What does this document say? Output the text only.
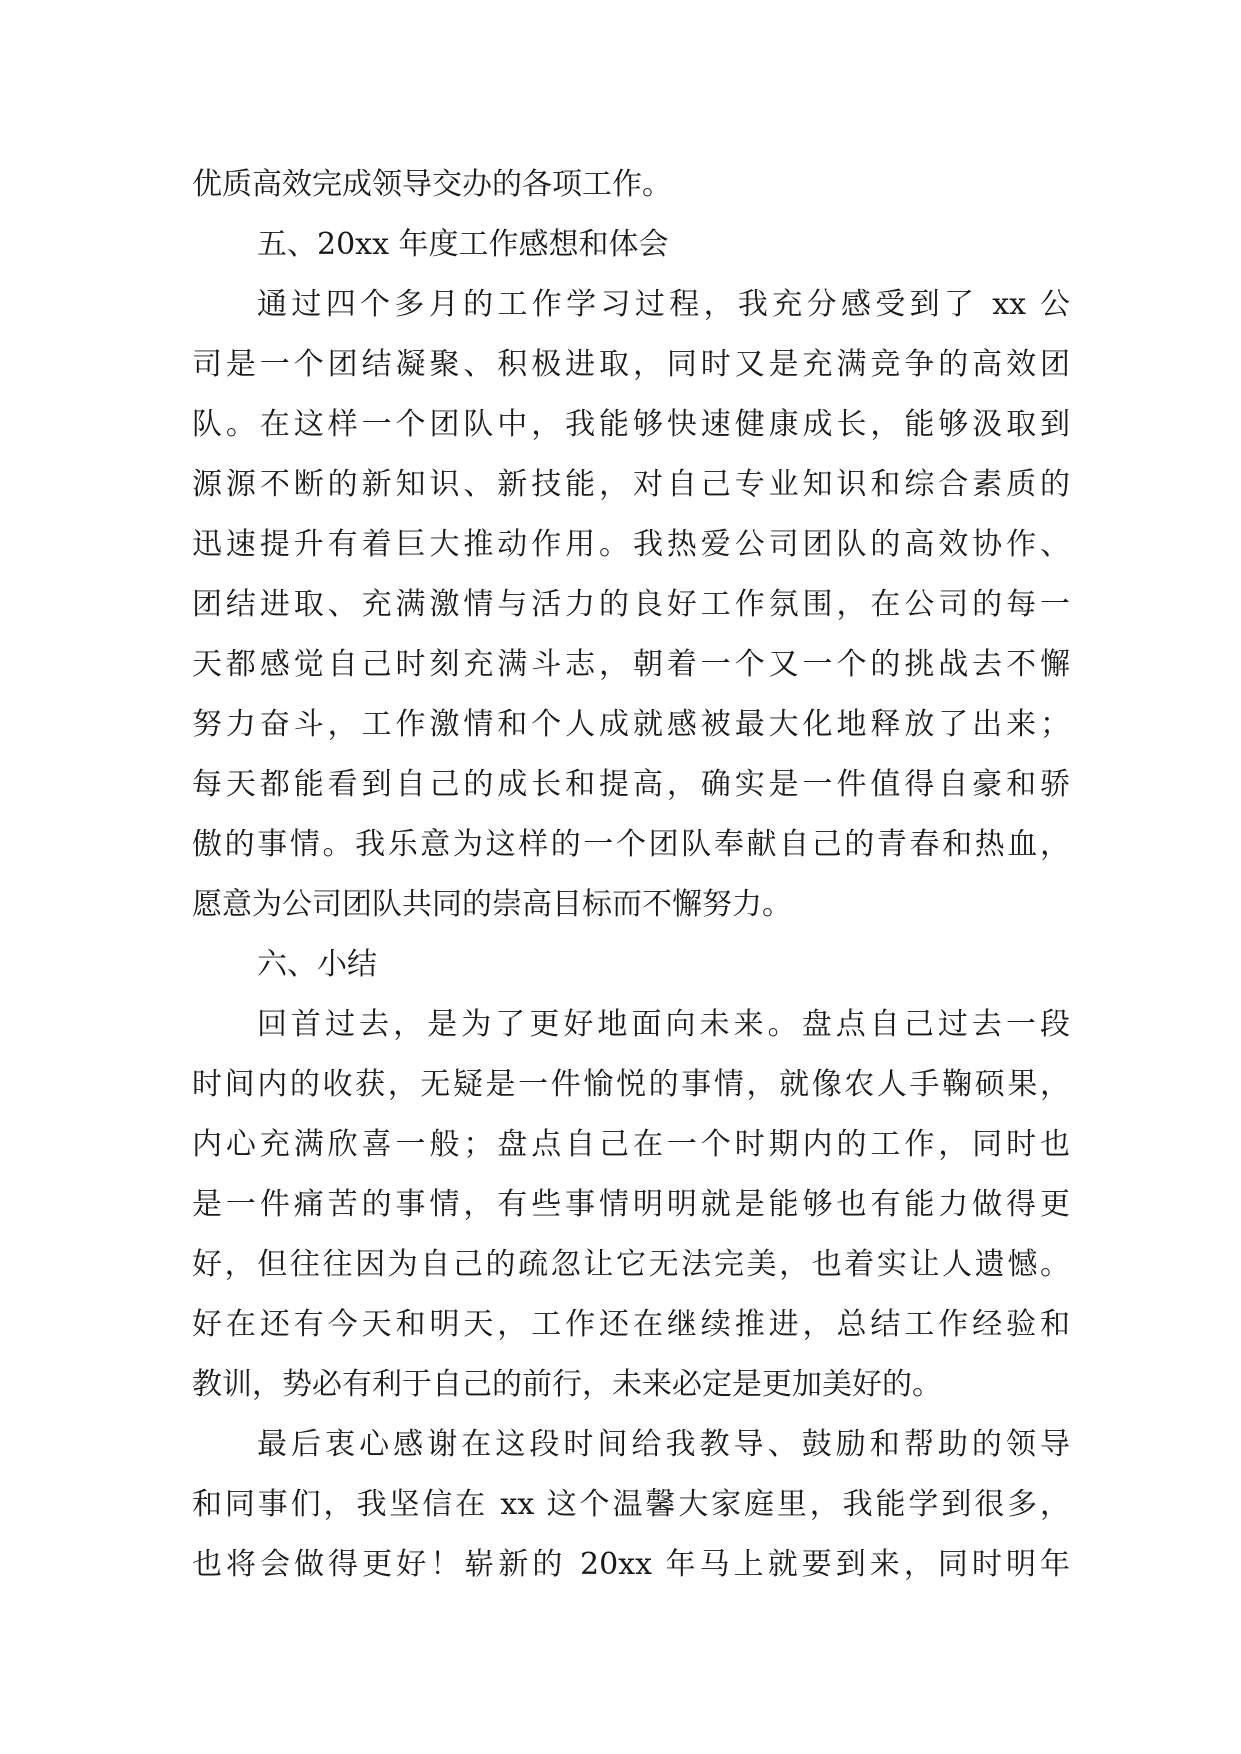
优质高效完成领导交办的各项工作。
五、20xx 年度工作感想和体会
通过四个多月的工作学习过程，我充分感受到了 xx 公
司是一个团结凝聚、积极进取，同时又是充满竞争的高效团
队。在这样一个团队中，我能够快速健康成长，能够汲取到
源源不断的新知识、新技能，对自己专业知识和综合素质的
迅速提升有着巨大推动作用。我热爱公司团队的高效协作、
团结进取、充满激情与活力的良好工作氛围，在公司的每一
天都感觉自己时刻充满斗志，朝着一个又一个的挑战去不懈
努力奋斗，工作激情和个人成就感被最大化地释放了出来；
每天都能看到自己的成长和提高，确实是一件值得自豪和骄
傲的事情。我乐意为这样的一个团队奉献自己的青春和热血，
愿意为公司团队共同的崇高目标而不懈努力。
六、小结
回首过去，是为了更好地面向未来。盘点自己过去一段
时间内的收获，无疑是一件愉悦的事情，就像农人手鞠硕果，
内心充满欣喜一般；盘点自己在一个时期内的工作，同时也
是一件痛苦的事情，有些事情明明就是能够也有能力做得更
好，但往往因为自己的疏忽让它无法完美，也着实让人遗憾。
好在还有今天和明天，工作还在继续推进，总结工作经验和
教训，势必有利于自己的前行，未来必定是更加美好的。
最后衷心感谢在这段时间给我教导、鼓励和帮助的领导
和同事们，我坚信在 xx 这个温馨大家庭里，我能学到很多，
也将会做得更好！崭新的 20xx 年马上就要到来，同时明年
